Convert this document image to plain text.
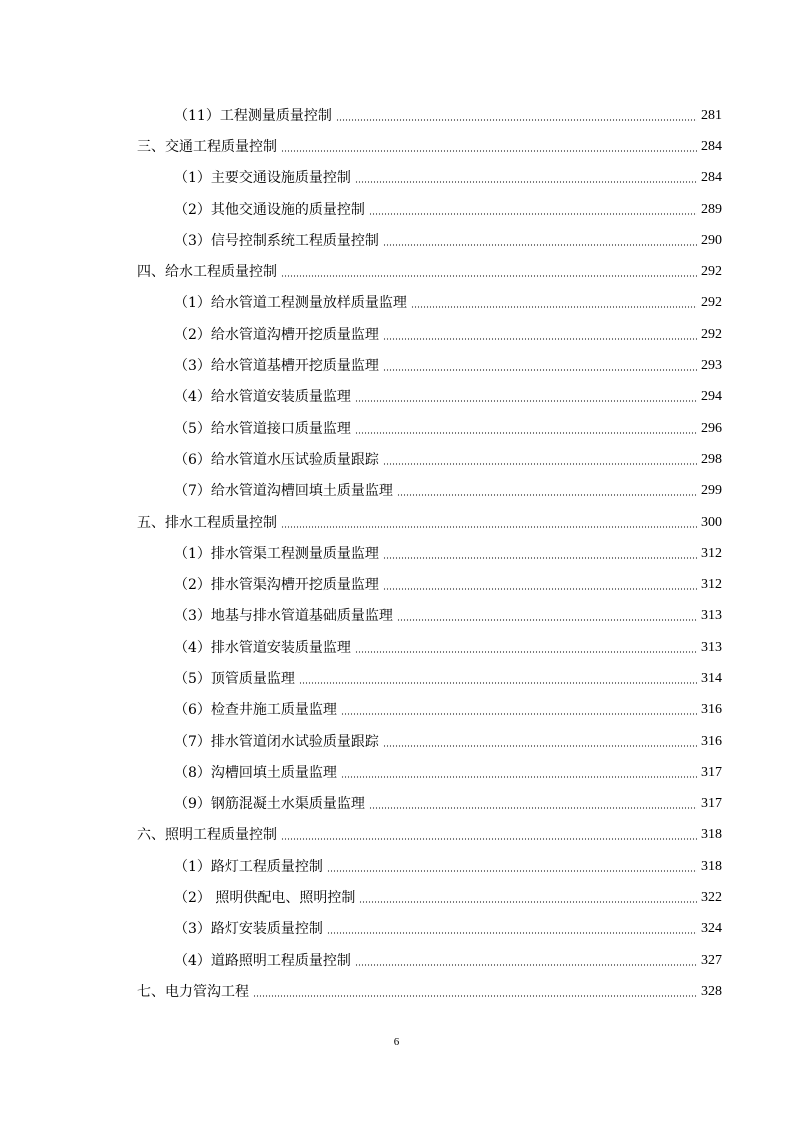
（11）工程测量质量控制	281
三、交通工程质量控制	284
（1）主要交通设施质量控制	284
（2）其他交通设施的质量控制	289
（3）信号控制系统工程质量控制	290
四、给水工程质量控制	292
（1）给水管道工程测量放样质量监理	292
（2）给水管道沟槽开挖质量监理	292
（3）给水管道基槽开挖质量监理	293
（4）给水管道安装质量监理	294
（5）给水管道接口质量监理	296
（6）给水管道水压试验质量跟踪	298
（7）给水管道沟槽回填土质量监理	299
五、排水工程质量控制	300
（1）排水管渠工程测量质量监理	312
（2）排水管渠沟槽开挖质量监理	312
（3）地基与排水管道基础质量监理	313
（4）排水管道安装质量监理	313
（5）顶管质量监理	314
（6）检查井施工质量监理	316
（7）排水管道闭水试验质量跟踪	316
（8）沟槽回填土质量监理	317
（9）钢筋混凝土水渠质量监理	317
六、照明工程质量控制	318
（1）路灯工程质量控制	318
（2） 照明供配电、照明控制	322
（3）路灯安装质量控制	324
（4）道路照明工程质量控制	327
七、电力管沟工程	328
6
